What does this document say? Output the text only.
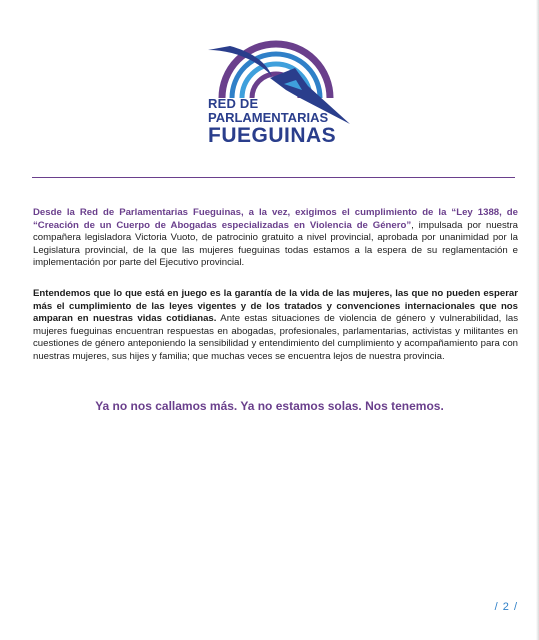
RED DE
PARLAMENTARIAS
FUEGUINAS

Desde la Red de Parlamentarias Fueguinas, a la vez, exigimos el cumplimiento de la “Ley 1388, de “Creación de un Cuerpo de Abogadas especializadas en Violencia de Género”, impulsada por nuestra compañera legisladora Victoria Vuoto, de patrocinio gratuito a nivel provincial, aprobada por unanimidad por la Legislatura provincial, de la que las mujeres fueguinas todas estamos a la espera de su reglamentación e implementación por parte del Ejecutivo provincial.

Entendemos que lo que está en juego es la garantía de la vida de las mujeres, las que no pueden esperar más el cumplimiento de las leyes vigentes y de los tratados y convenciones internacionales que nos amparan en nuestras vidas cotidianas. Ante estas situaciones de violencia de género y vulnerabilidad, las mujeres fueguinas encuentran respuestas en abogadas, profesionales, parlamentarias, activistas y militantes en cuestiones de género anteponiendo la sensibilidad y entendimiento del cumplimiento y acompañamiento para con nuestras mujeres, sus hijes y familia; que muchas veces se encuentra lejos de nuestra provincia.

Ya no nos callamos más. Ya no estamos solas. Nos tenemos.
/ 2 /
